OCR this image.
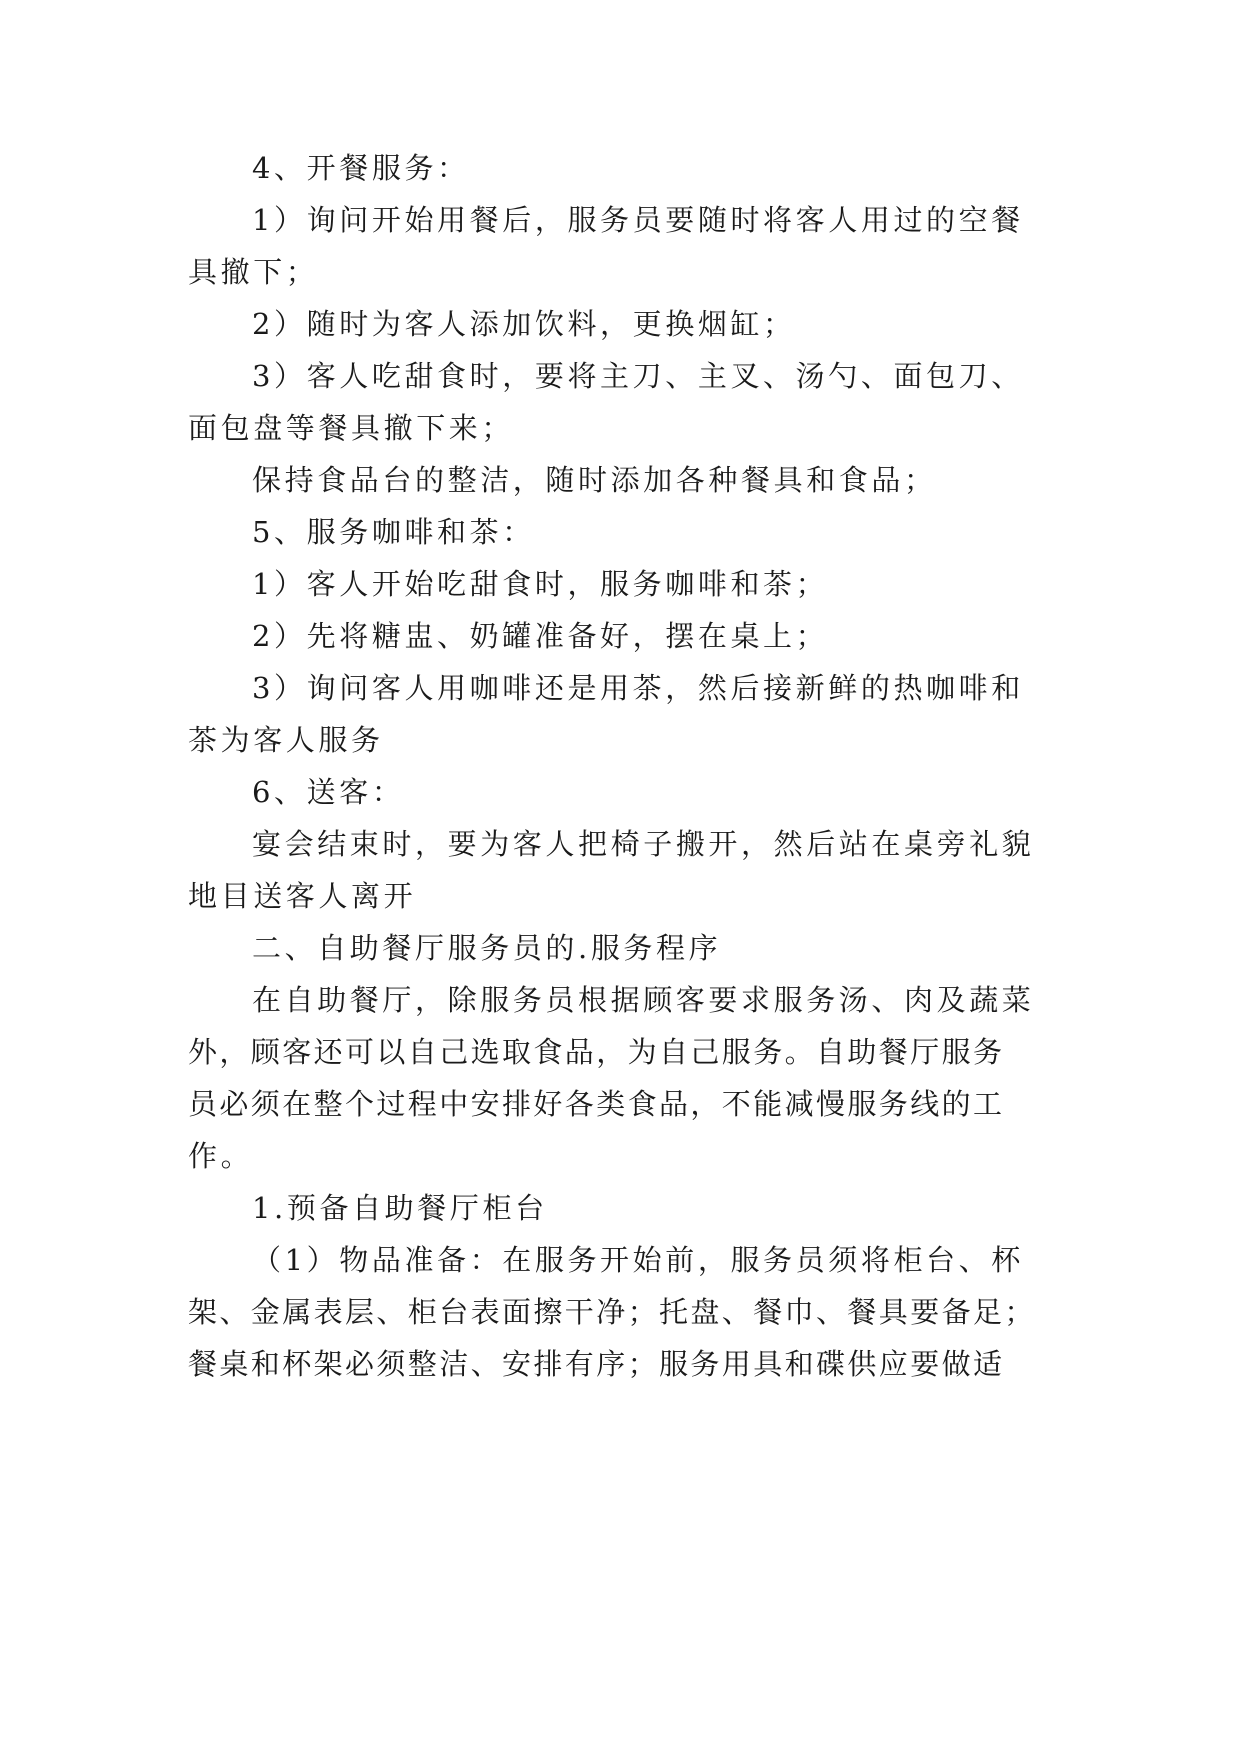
4、开餐服务：

1）询问开始用餐后，服务员要随时将客人用过的空餐

具撤下；

2）随时为客人添加饮料，更换烟缸；

3）客人吃甜食时，要将主刀、主叉、汤勺、面包刀、

面包盘等餐具撤下来；

保持食品台的整洁，随时添加各种餐具和食品；

5、服务咖啡和茶：

1）客人开始吃甜食时，服务咖啡和茶；

2）先将糖盅、奶罐准备好，摆在桌上；

3）询问客人用咖啡还是用茶，然后接新鲜的热咖啡和

茶为客人服务

6、送客：

宴会结束时，要为客人把椅子搬开，然后站在桌旁礼貌

地目送客人离开

二、自助餐厅服务员的.服务程序

在自助餐厅，除服务员根据顾客要求服务汤、肉及蔬菜

外，顾客还可以自己选取食品，为自己服务。自助餐厅服务

员必须在整个过程中安排好各类食品，不能减慢服务线的工

作。

1.预备自助餐厅柜台

（1）物品准备：在服务开始前，服务员须将柜台、杯

架、金属表层、柜台表面擦干净；托盘、餐巾、餐具要备足；

餐桌和杯架必须整洁、安排有序；服务用具和碟供应要做适
